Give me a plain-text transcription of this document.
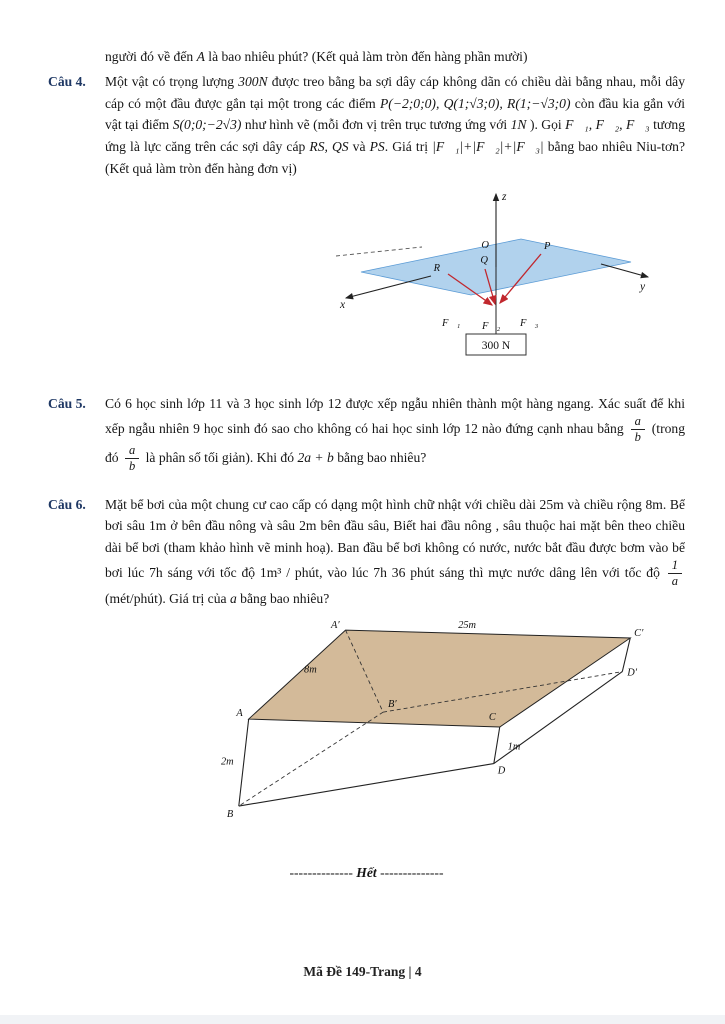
người đó về đến A là bao nhiêu phút? (Kết quả làm tròn đến hàng phần mười)

Câu 4.	Một vật có trọng lượng 300N được treo bằng ba sợi dây cáp không dãn có chiều dài bằng nhau, mỗi dây cáp có một đầu được gắn tại một trong các điểm P(−2;0;0), Q(1;√3;0), R(1;−√3;0) còn đầu kia gắn với vật tại điểm S(0;0;−2√3) như hình vẽ (mỗi đơn vị trên trục tương ứng với 1N ). Gọi F⃗₁, F⃗₂, F⃗₃ tương ứng là lực căng trên các sợi dây cáp RS, QS và PS. Giá trị |F⃗₁|+|F⃗₂|+|F⃗₃| bằng bao nhiêu Niu-tơn? (Kết quả làm tròn đến hàng đơn vị)
z
x
y
O
Q
R
P
F⃗₁ F⃗₂ F⃗₃
300 N
Câu 5.	Có 6 học sinh lớp 11 và 3 học sinh lớp 12 được xếp ngẫu nhiên thành một hàng ngang. Xác suất để khi xếp ngẫu nhiên 9 học sinh đó sao cho không có hai học sinh lớp 12 nào đứng cạnh nhau bằng $\frac{a}{b}$ (trong đó $\frac{a}{b}$ là phân số tối giản). Khi đó 2a + b bằng bao nhiêu?
Câu 6.	Mặt bể bơi của một chung cư cao cấp có dạng một hình chữ nhật với chiều dài 25m và chiều rộng 8m. Bể bơi sâu 1m ở bên đầu nông và sâu 2m bên đầu sâu, Biết hai đầu nông , sâu thuộc hai mặt bên theo chiều dài bể bơi (tham khảo hình vẽ minh hoạ). Ban đầu bể bơi không có nước, nước bắt đầu được bơm vào bể bơi lúc 7h sáng với tốc độ 1m³ / phút, vào lúc 7h 36 phút sáng thì mực nước dâng lên với tốc độ $\frac{1}{a}$
(mét/phút). Giá trị của a bằng bao nhiêu?
A′	25m
C′
8m	D′
B′
A	C
1m
D
2m
B

-------------- Hết --------------

Mã Đề 149-Trang | 4
